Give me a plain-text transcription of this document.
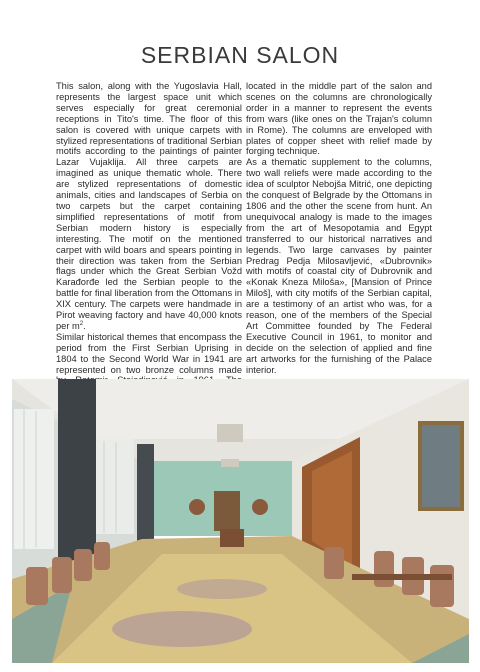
SERBIAN SALON

This salon, along with the Yugoslavia Hall, represents the largest space unit which serves especially for great ceremonial receptions in Tito's time. The floor of this salon is covered with unique carpets with stylized representations of traditional Serbian motifs according to the paintings of painter Lazar Vujaklija. All three carpets are imagined as unique thematic whole. There are stylized representations of domestic animals, cities and landscapes of Serbia on two carpets but the carpet containing simplified representations of motif from Serbian modern history is especially interesting. The motif on the mentioned carpet with wild boars and spears pointing in their direction was taken from the Serbian flags under which the Great Serbian Vožd Karađorđe led the Serbian people to the battle for final liberation from the Ottomans in XIX century. The carpets were handmade in Pirot weaving factory and have 40,000 knots per $m^2$.

Similar historical themes that encompass the period from the First Serbian Uprising in 1804 to the Second World War in 1941 are represented on two bronze columns made

located in the middle part of the salon and scenes on the columns are chronologically order in a manner to represent the events from wars (like ones on the Trajan's column in Rome). The columns are enveloped with plates of copper sheet with relief made by forging technique.

As a thematic supplement to the columns, two wall reliefs were made according to the idea of sculptor Nebojša Mitrić, one depicting the conquest of Belgrade by the Ottomans in 1806 and the other the scene from hunt. An unequivocal analogy is made to the images from the art of Mesopotamia and Egypt transferred to our historical narratives and legends. Two large canvases by painter Predrag Pedja Milosavljević, «Dubrovnik» with motifs of coastal city of Dubrovnik and «Konak Kneza Miloša», [Mansion of Prince Miloš], with city motifs of the Serbian capital, are a testimony of an artist who was, for a reason, one of the members of the Special Art Committee founded by The Federal Executive Council in 1961, to monitor and decide on the selection of applied and fine art artworks for the furnishing of the Palace interior.
